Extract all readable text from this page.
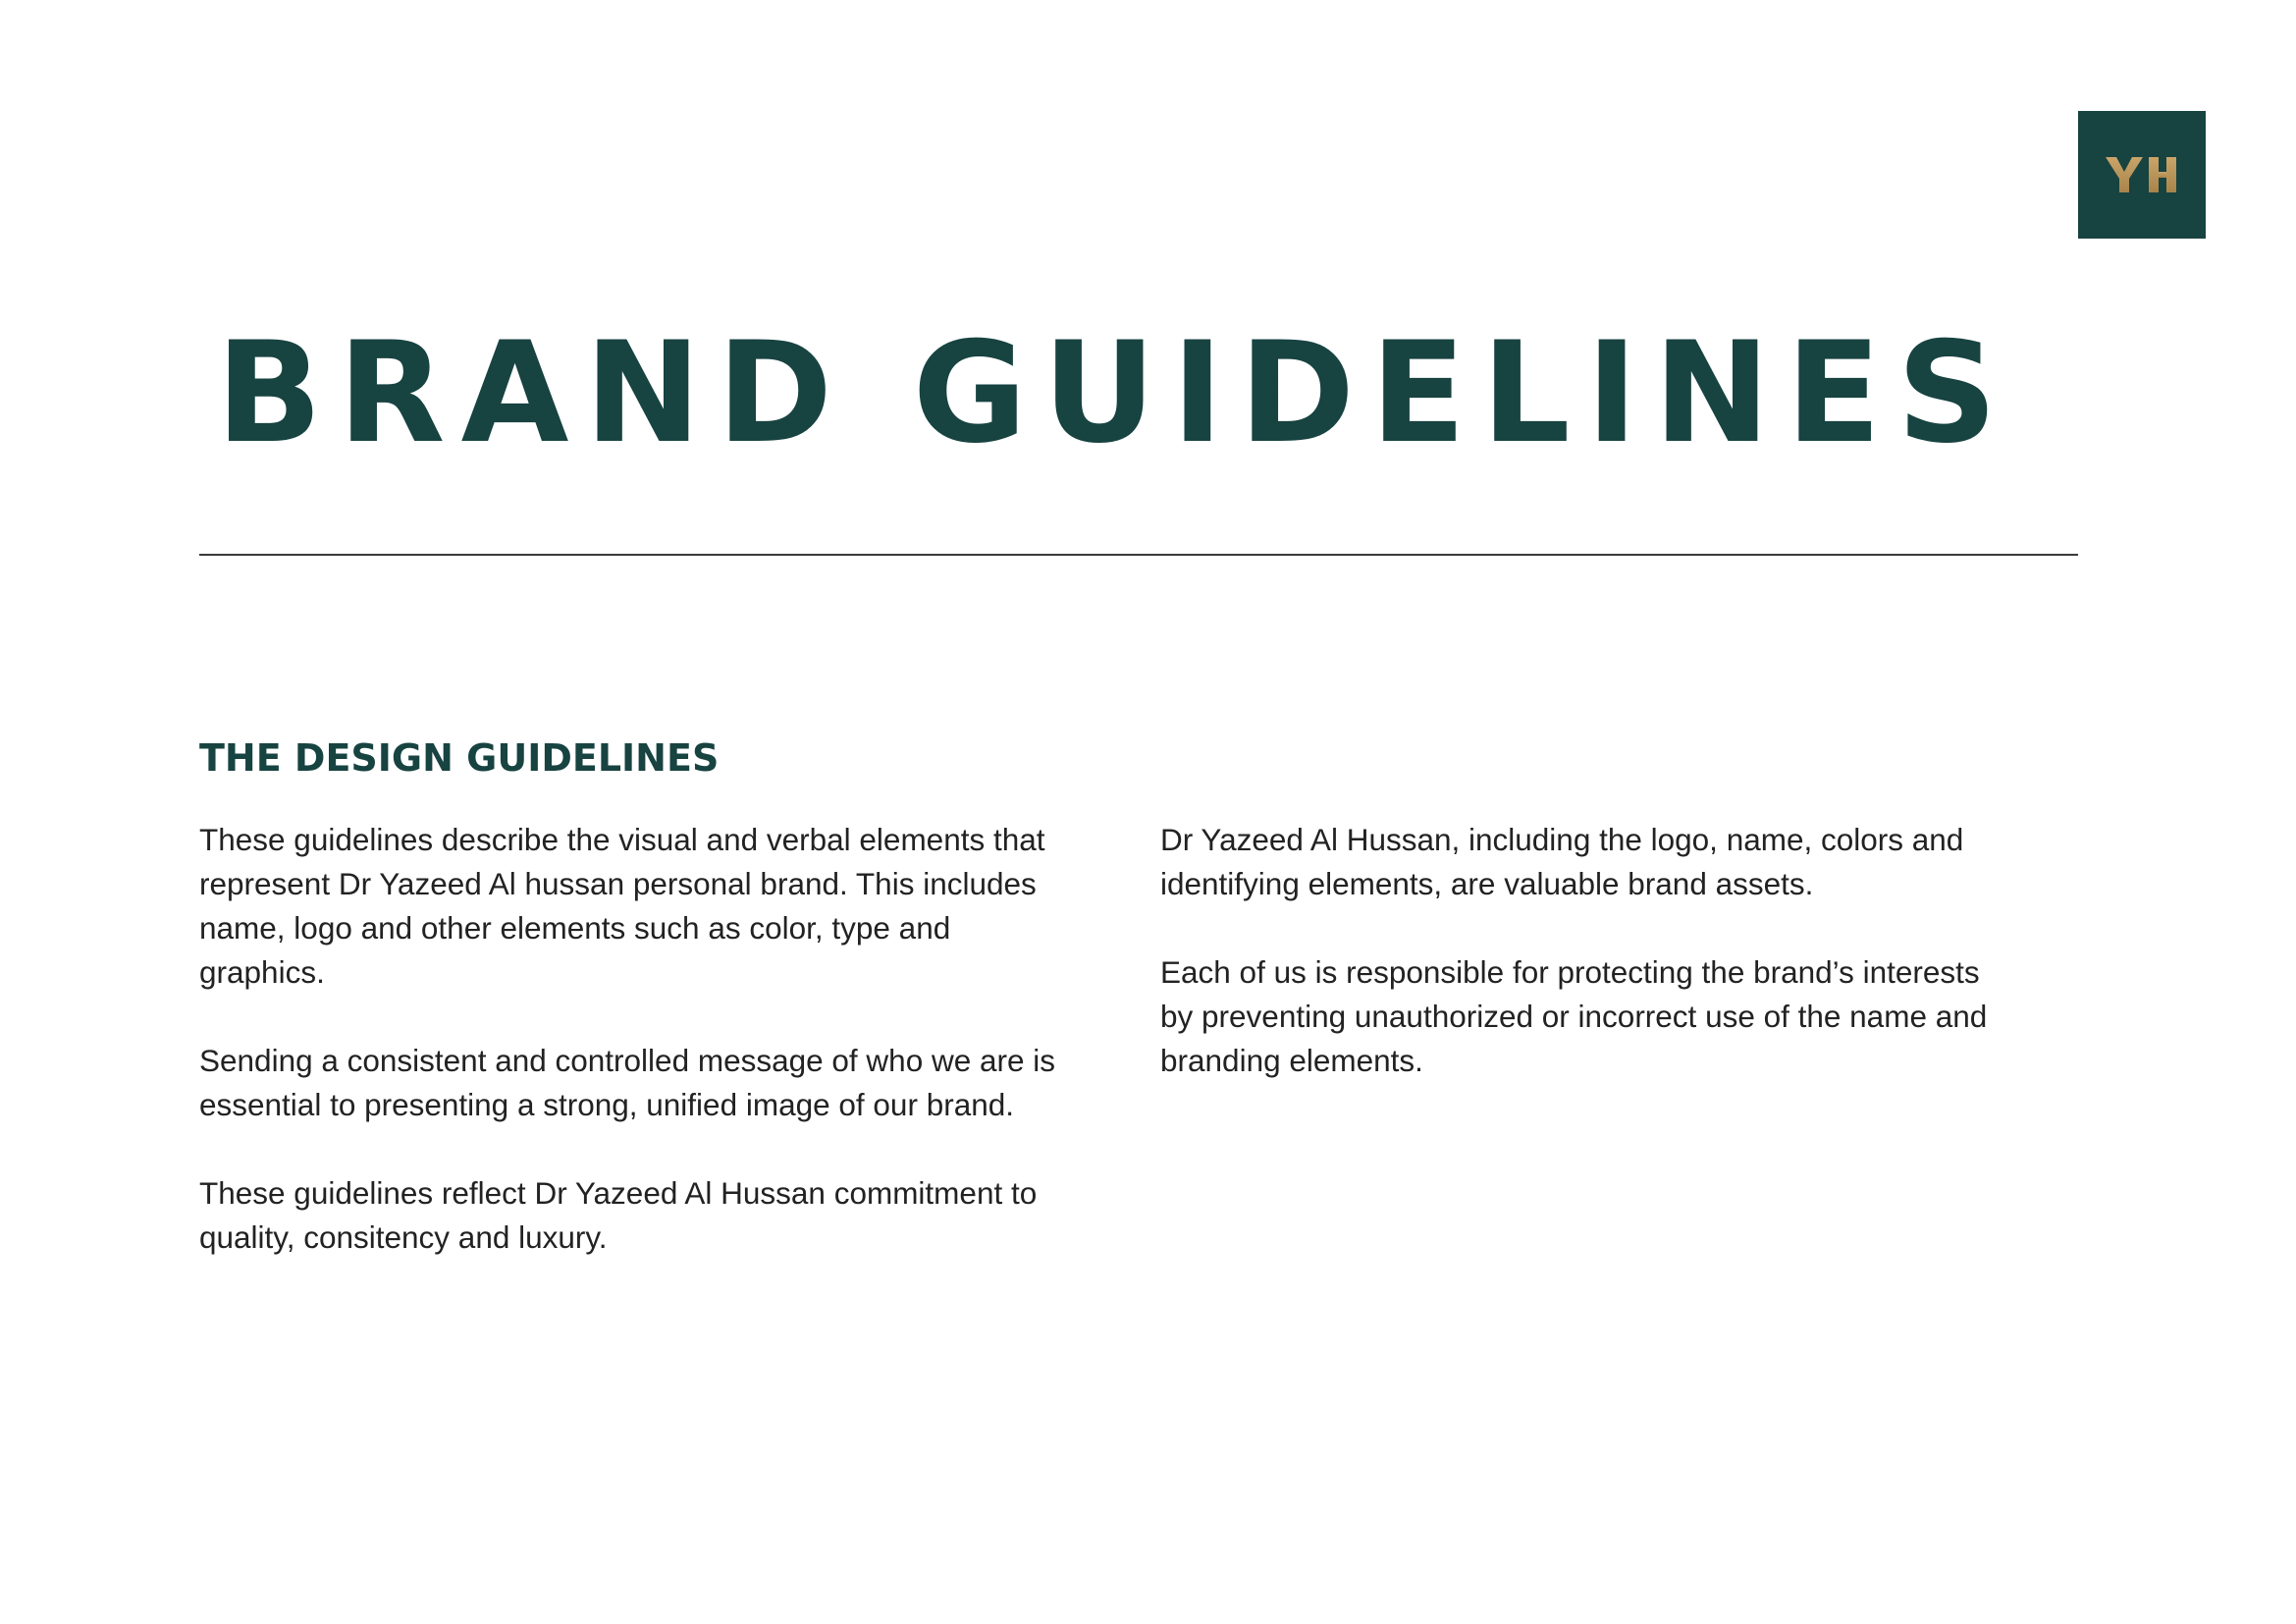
BRAND GUIDELINES
THE DESIGN GUIDELINES

These guidelines describe the visual and verbal elements that
represent Dr Yazeed Al hussan personal brand. This includes
name, logo and other elements such as color, type and
graphics.

Sending a consistent and controlled message of who we are is
essential to presenting a strong, unified image of our brand.

These guidelines reflect Dr Yazeed Al Hussan commitment to
quality, consitency and luxury.

Dr Yazeed Al Hussan, including the logo, name, colors and
identifying elements, are valuable brand assets.

Each of us is responsible for protecting the brand’s interests
by preventing unauthorized or incorrect use of the name and
branding elements.
